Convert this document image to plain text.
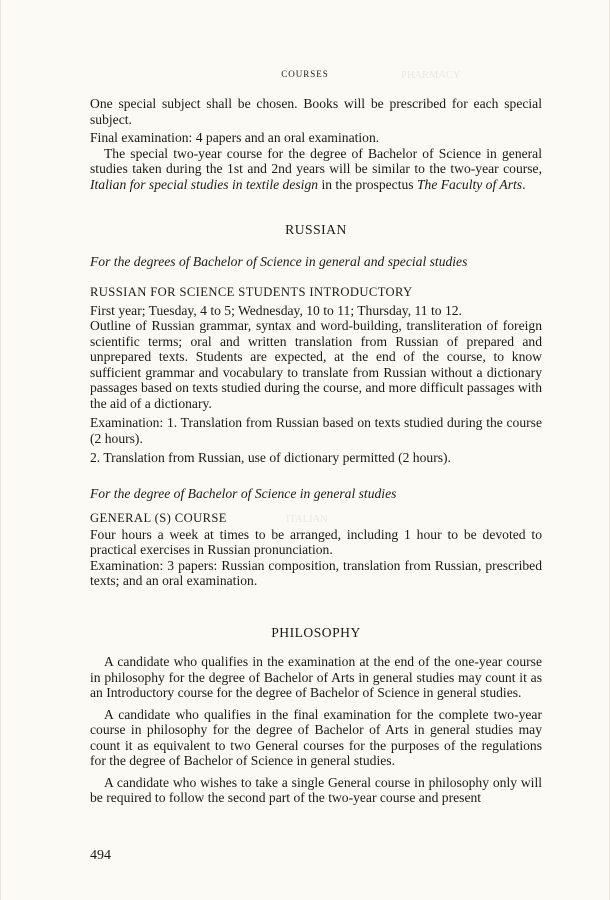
COURSES	PHARMACY
ITALIAN

One special subject shall be chosen. Books will be prescribed for each special subject.

Final examination: 4 papers and an oral examination.

The special two-year course for the degree of Bachelor of Science in general studies taken during the 1st and 2nd years will be similar to the two-year course, Italian for special studies in textile design in the prospectus The Faculty of Arts.

RUSSIAN

For the degrees of Bachelor of Science in general and special studies

RUSSIAN FOR SCIENCE STUDENTS INTRODUCTORY

First year; Tuesday, 4 to 5; Wednesday, 10 to 11; Thursday, 11 to 12.

Outline of Russian grammar, syntax and word-building, transliteration of foreign scientific terms; oral and written translation from Russian of prepared and unprepared texts. Students are expected, at the end of the course, to know sufficient grammar and vocabulary to translate from Russian without a dictionary passages based on texts studied during the course, and more difficult passages with the aid of a dictionary.

Examination: 1. Translation from Russian based on texts studied during the course (2 hours).

2. Translation from Russian, use of dictionary permitted (2 hours).

For the degree of Bachelor of Science in general studies

GENERAL (S) COURSE

Four hours a week at times to be arranged, including 1 hour to be devoted to practical exercises in Russian pronunciation.

Examination: 3 papers: Russian composition, translation from Russian, prescribed texts; and an oral examination.

PHILOSOPHY

A candidate who qualifies in the examination at the end of the one-year course in philosophy for the degree of Bachelor of Arts in general studies may count it as an Introductory course for the degree of Bachelor of Science in general studies.

A candidate who qualifies in the final examination for the complete two-year course in philosophy for the degree of Bachelor of Arts in general studies may count it as equivalent to two General courses for the purposes of the regulations for the degree of Bachelor of Science in general studies.

A candidate who wishes to take a single General course in philosophy only will be required to follow the second part of the two-year course and present

494
